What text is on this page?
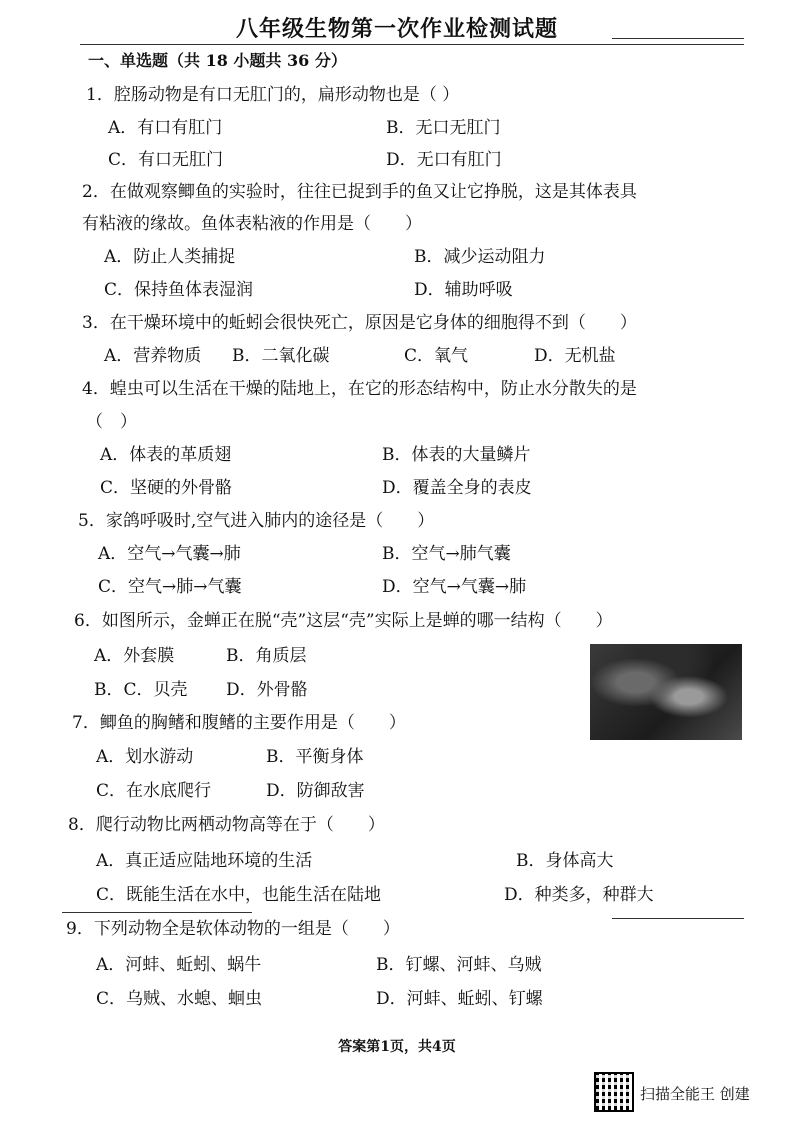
八年级生物第一次作业检测试题
一、单选题（共 18 小题共 36 分）
1．腔肠动物是有口无肛门的，扁形动物也是（ ）
A．有口有肛门	B．无口无肛门
C．有口无肛门	D．无口有肛门
2．在做观察鲫鱼的实验时，往往已捉到手的鱼又让它挣脱，这是其体表具
有粘液的缘故。鱼体表粘液的作用是（　　）
A．防止人类捕捉	B．减少运动阻力
C．保持鱼体表湿润	D．辅助呼吸
3．在干燥环境中的蚯蚓会很快死亡，原因是它身体的细胞得不到（　　）
A．营养物质 B．二氧化碳	C．氧气	D．无机盐
4．蝗虫可以生活在干燥的陆地上，在它的形态结构中，防止水分散失的是
（　）
A．体表的革质翅	B．体表的大量鳞片
C．坚硬的外骨骼	D．覆盖全身的表皮
5．家鸽呼吸时,空气进入肺内的途径是（　　）
A．空气→气囊→肺	B．空气→肺气囊
C．空气→肺→气囊	D．空气→气囊→肺
6．如图所示，金蝉正在脱“壳”这层“壳”实际上是蝉的哪一结构（　　）
A．外套膜	B．角质层
B．C．贝壳 D．外骨骼
7．鲫鱼的胸鳍和腹鳍的主要作用是（　　）
A．划水游动	B．平衡身体
C．在水底爬行	D．防御敌害
8．爬行动物比两栖动物高等在于（　　）
A．真正适应陆地环境的生活	B．身体高大
C．既能生活在水中，也能生活在陆地	D．种类多，种群大
9．下列动物全是软体动物的一组是（　　）
A．河蚌、蚯蚓、蜗牛	B．钉螺、河蚌、乌贼
C．乌贼、水螅、蛔虫	D．河蚌、蚯蚓、钉螺
答案第1页，共4页
扫描全能王 创建
